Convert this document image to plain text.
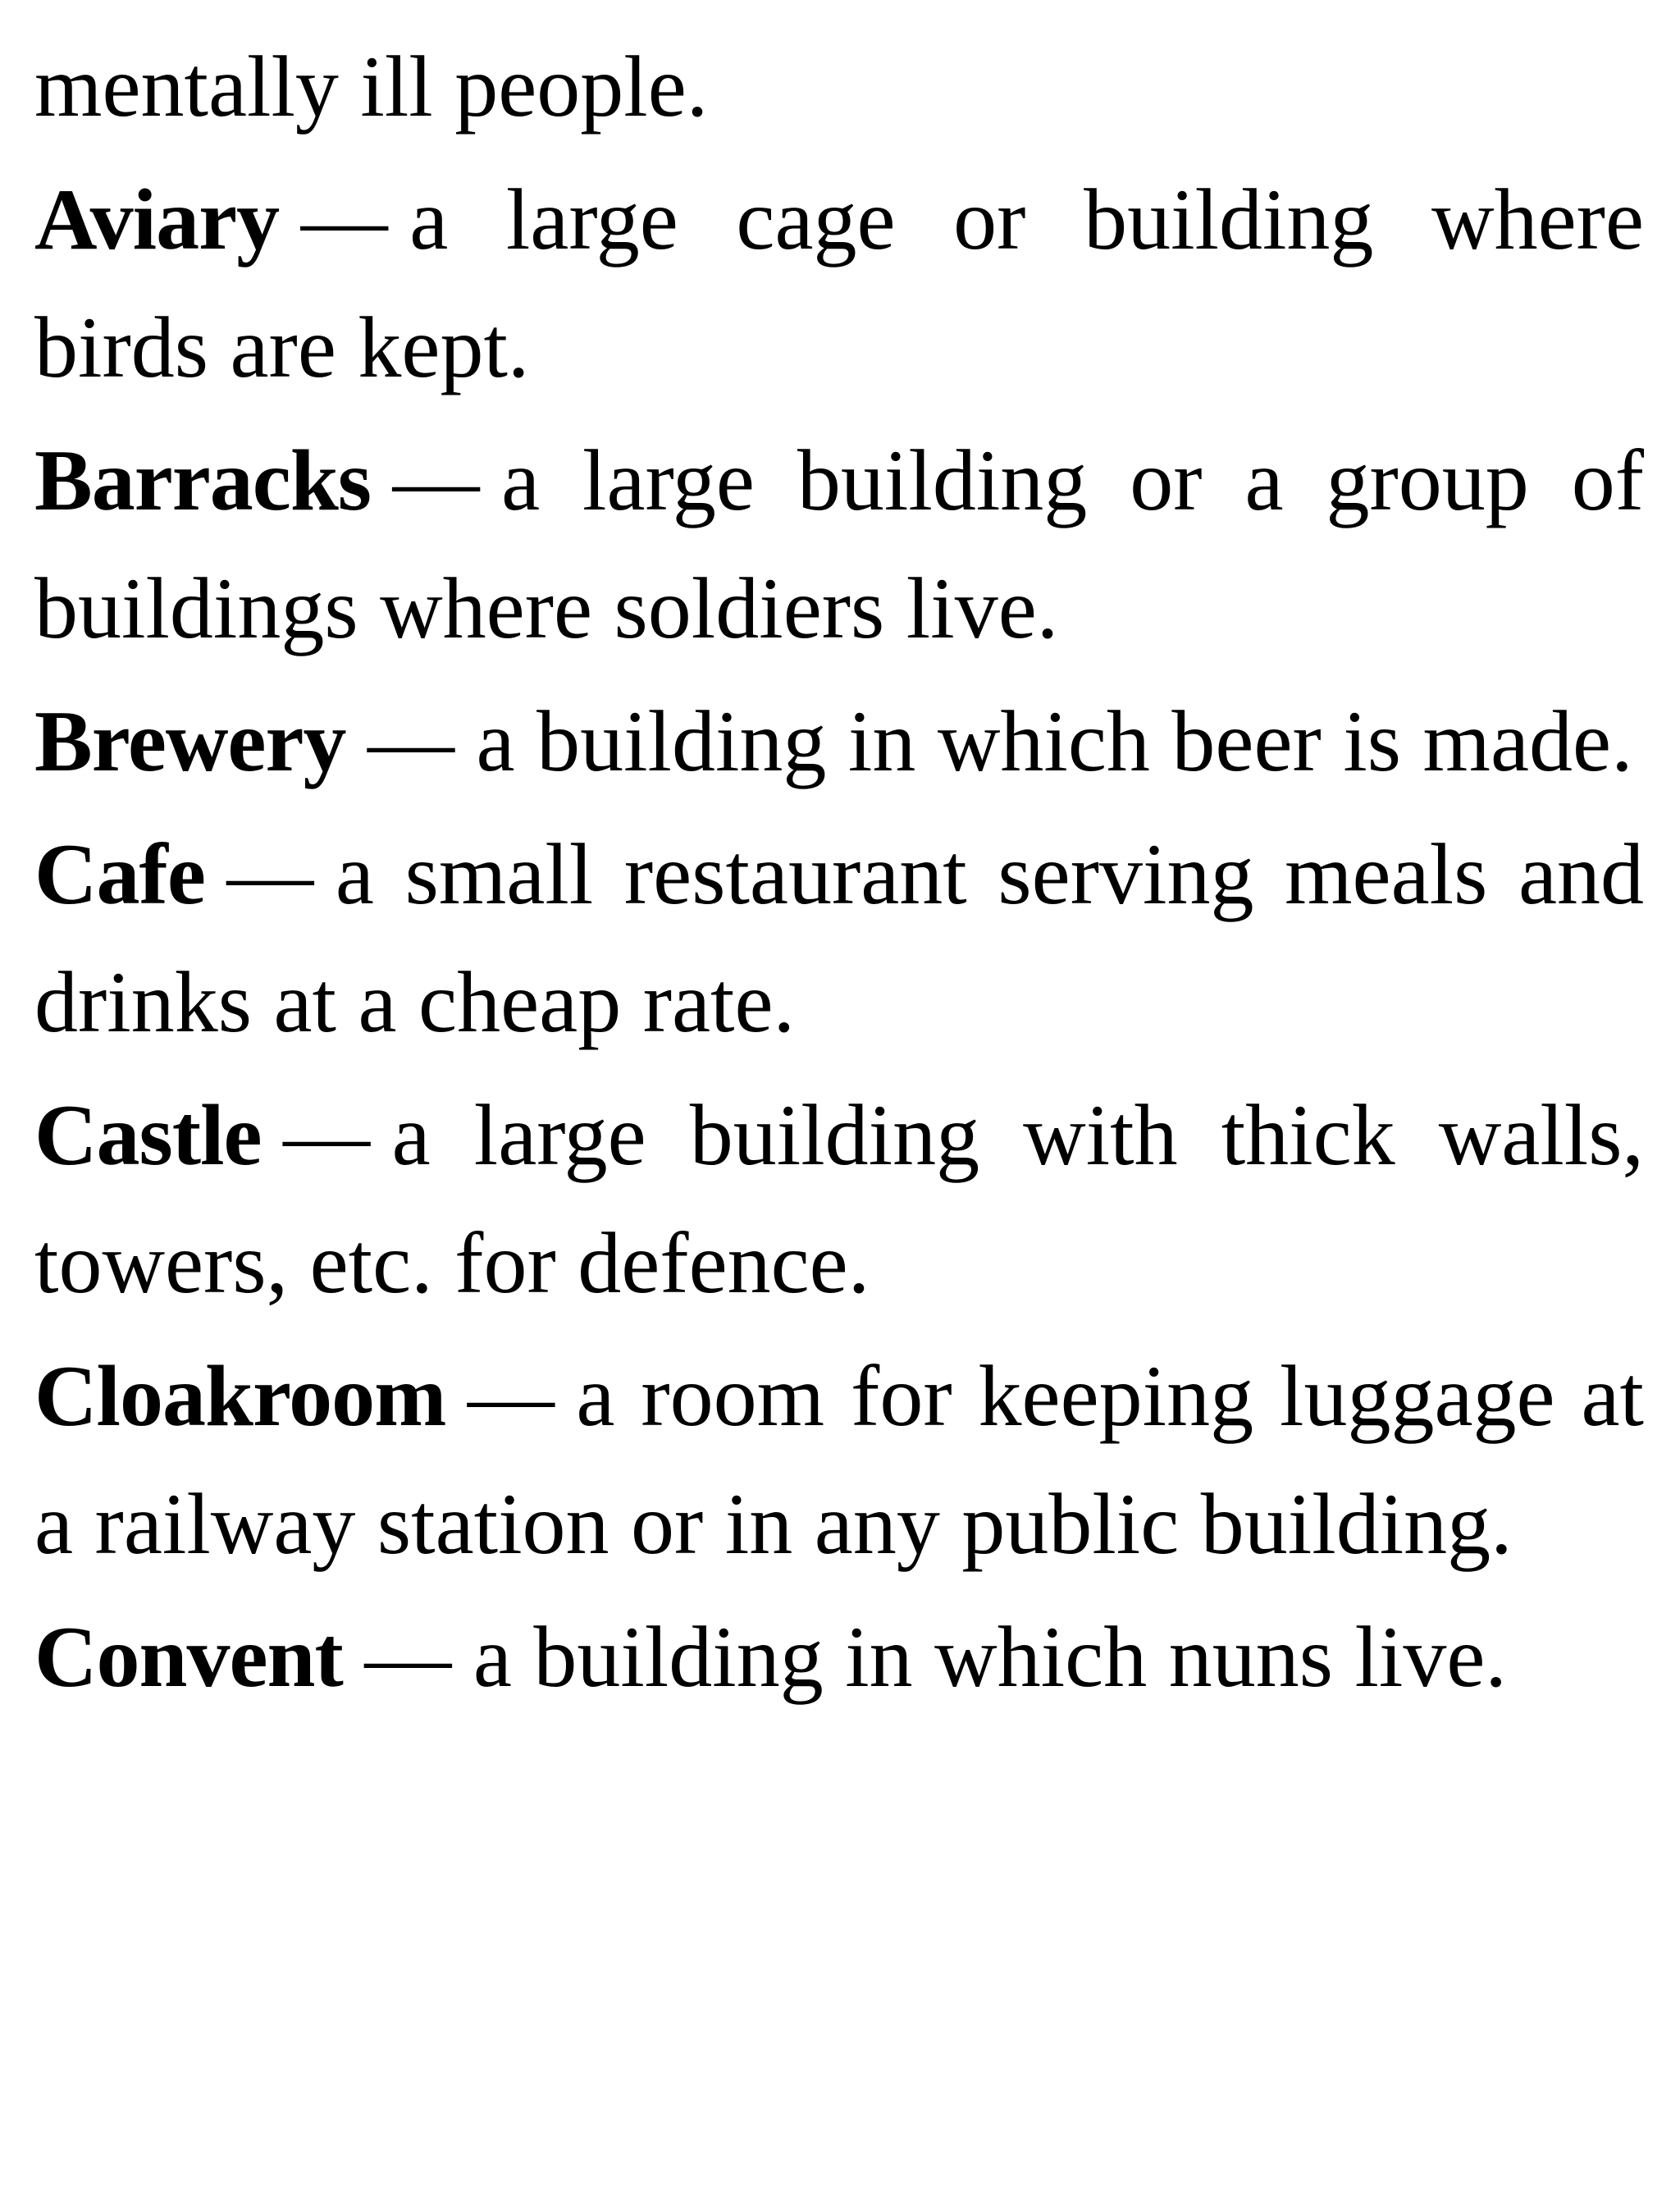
mentally ill people.
Aviary — a large cage or building where birds are kept.
Barracks — a large building or a group of buildings where soldiers live.
Brewery — a building in which beer is made.
Cafe — a small restaurant serving meals and drinks at a cheap rate.
Castle — a large building with thick walls, towers, etc. for defence.
Cloakroom — a room for keeping luggage at a railway station or in any public building.
Convent — a building in which nuns live.
